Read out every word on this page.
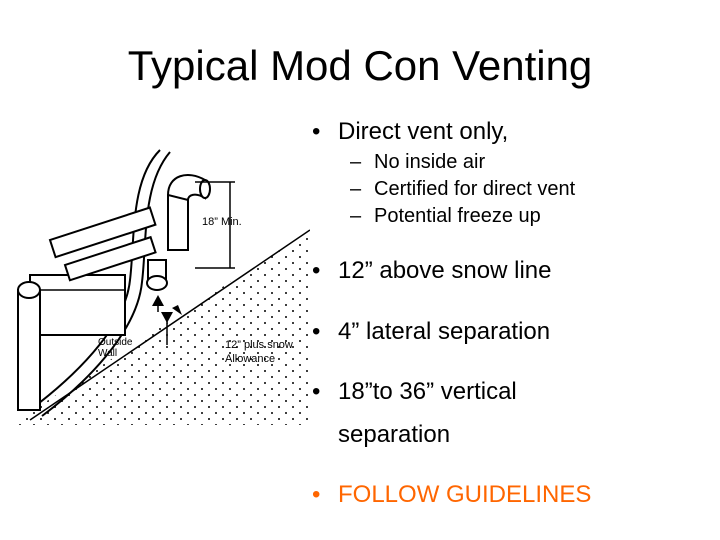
Typical Mod Con Venting
18” Min.
Outside
Wall
12” plus snow
Allowance
• Direct vent only,
– No inside air
– Certified for direct vent
– Potential freeze up
• 12” above snow line
• 4” lateral separation
• 18”to 36” vertical
separation
• FOLLOW GUIDELINES
